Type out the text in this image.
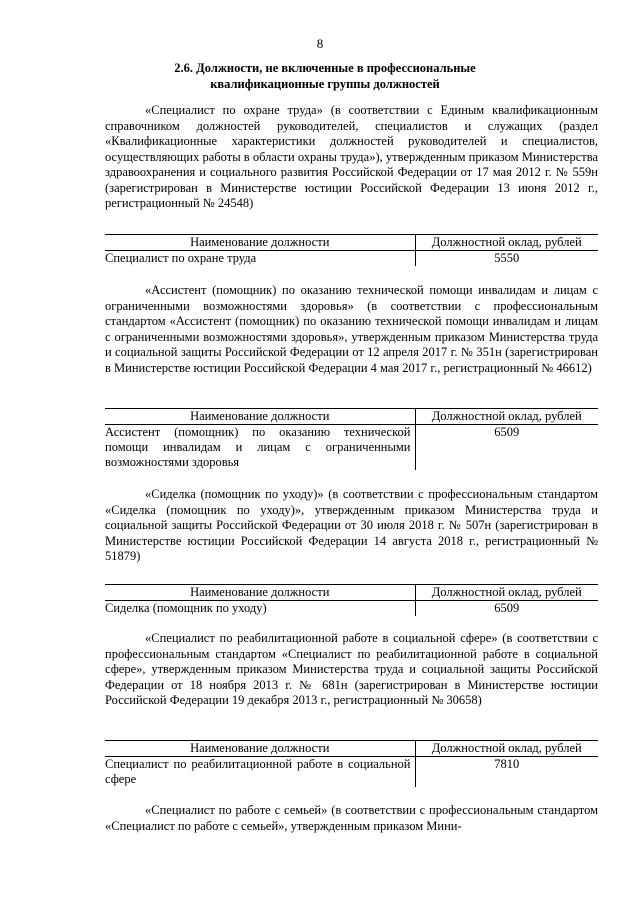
8
2.6. Должности, не включенные в профессиональные
квалификационные группы должностей
«Специалист по охране труда» (в соответствии с Единым квалификационным справочником должностей руководителей, специалистов и служащих (раздел «Квалификационные характеристики должностей руководителей и специалистов, осуществляющих работы в области охраны труда»), утвержденным приказом Министерства здравоохранения и социального развития Российской Федерации от 17 мая 2012 г. № 559н (зарегистрирован в Министерстве юстиции Российской Федерации 13 июня 2012 г., регистрационный № 24548)
Наименование должности	Должностной оклад, рублей
Специалист по охране труда	5550
«Ассистент (помощник) по оказанию технической помощи инвалидам и лицам с ограниченными возможностями здоровья» (в соответствии с профессиональным стандартом «Ассистент (помощник) по оказанию технической помощи инвалидам и лицам с ограниченными возможностями здоровья», утвержденным приказом Министерства труда и социальной защиты Российской Федерации от 12 апреля 2017 г. № 351н (зарегистрирован в Министерстве юстиции Российской Федерации 4 мая 2017 г., регистрационный № 46612)
Наименование должности	Должностной оклад, рублей
Ассистент (помощник) по оказанию технической помощи инвалидам и лицам с ограниченными возможностями здоровья	6509
«Сиделка (помощник по уходу)» (в соответствии с профессиональным стандартом «Сиделка (помощник по уходу)», утвержденным приказом Министерства труда и социальной защиты Российской Федерации от 30 июля 2018 г. № 507н (зарегистрирован в Министерстве юстиции Российской Федерации 14 августа 2018 г., регистрационный № 51879)
Наименование должности	Должностной оклад, рублей
Сиделка (помощник по уходу)	6509
«Специалист по реабилитационной работе в социальной сфере» (в соответствии с профессиональным стандартом «Специалист по реабилитационной работе в социальной сфере», утвержденным приказом Министерства труда и социальной защиты Российской Федерации от 18 ноября 2013 г. № 681н (зарегистрирован в Министерстве юстиции Российской Федерации 19 декабря 2013 г., регистрационный № 30658)
Наименование должности	Должностной оклад, рублей
Специалист по реабилитационной работе в социальной сфере	7810
«Специалист по работе с семьей» (в соответствии с профессиональным стандартом «Специалист по работе с семьей», утвержденным приказом Мини-
